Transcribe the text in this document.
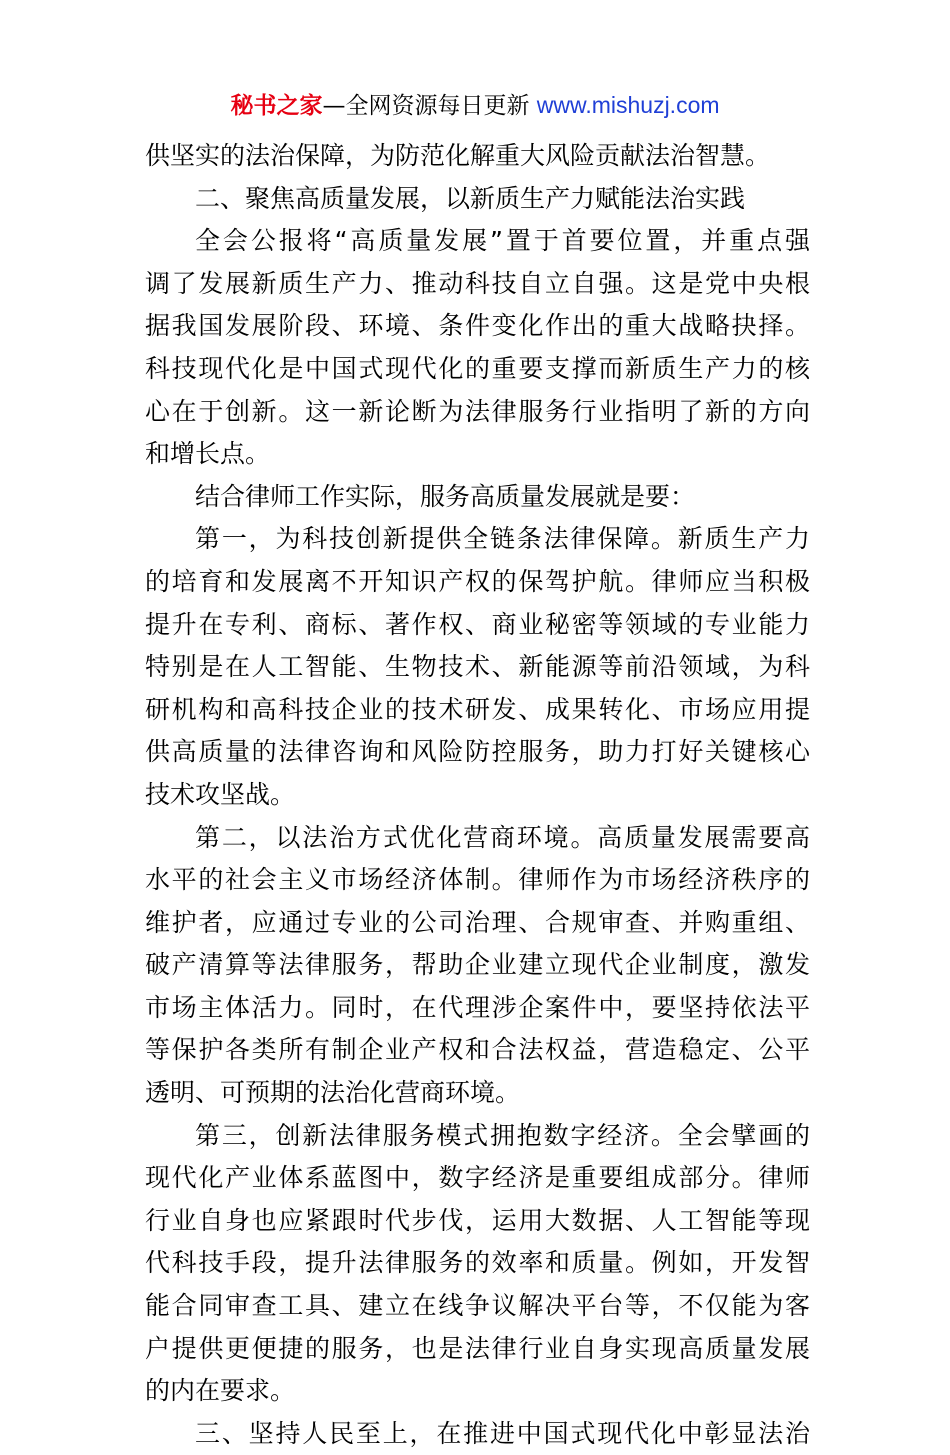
秘书之家—全网资源每日更新 www.mishuzj.com
供坚实的法治保障，为防范化解重大风险贡献法治智慧。
二、聚焦高质量发展，以新质生产力赋能法治实践
全会公报将“高质量发展”置于首要位置，并重点强
调了发展新质生产力、推动科技自立自强。这是党中央根
据我国发展阶段、环境、条件变化作出的重大战略抉择。
科技现代化是中国式现代化的重要支撑而新质生产力的核
心在于创新。这一新论断为法律服务行业指明了新的方向
和增长点。
结合律师工作实际，服务高质量发展就是要：
第一，为科技创新提供全链条法律保障。新质生产力
的培育和发展离不开知识产权的保驾护航。律师应当积极
提升在专利、商标、著作权、商业秘密等领域的专业能力
特别是在人工智能、生物技术、新能源等前沿领域，为科
研机构和高科技企业的技术研发、成果转化、市场应用提
供高质量的法律咨询和风险防控服务，助力打好关键核心
技术攻坚战。
第二，以法治方式优化营商环境。高质量发展需要高
水平的社会主义市场经济体制。律师作为市场经济秩序的
维护者，应通过专业的公司治理、合规审查、并购重组、
破产清算等法律服务，帮助企业建立现代企业制度，激发
市场主体活力。同时，在代理涉企案件中，要坚持依法平
等保护各类所有制企业产权和合法权益，营造稳定、公平
透明、可预期的法治化营商环境。
第三，创新法律服务模式拥抱数字经济。全会擘画的
现代化产业体系蓝图中，数字经济是重要组成部分。律师
行业自身也应紧跟时代步伐，运用大数据、人工智能等现
代科技手段，提升法律服务的效率和质量。例如，开发智
能合同审查工具、建立在线争议解决平台等，不仅能为客
户提供更便捷的服务，也是法律行业自身实现高质量发展
的内在要求。
三、坚持人民至上，在推进中国式现代化中彰显法治
